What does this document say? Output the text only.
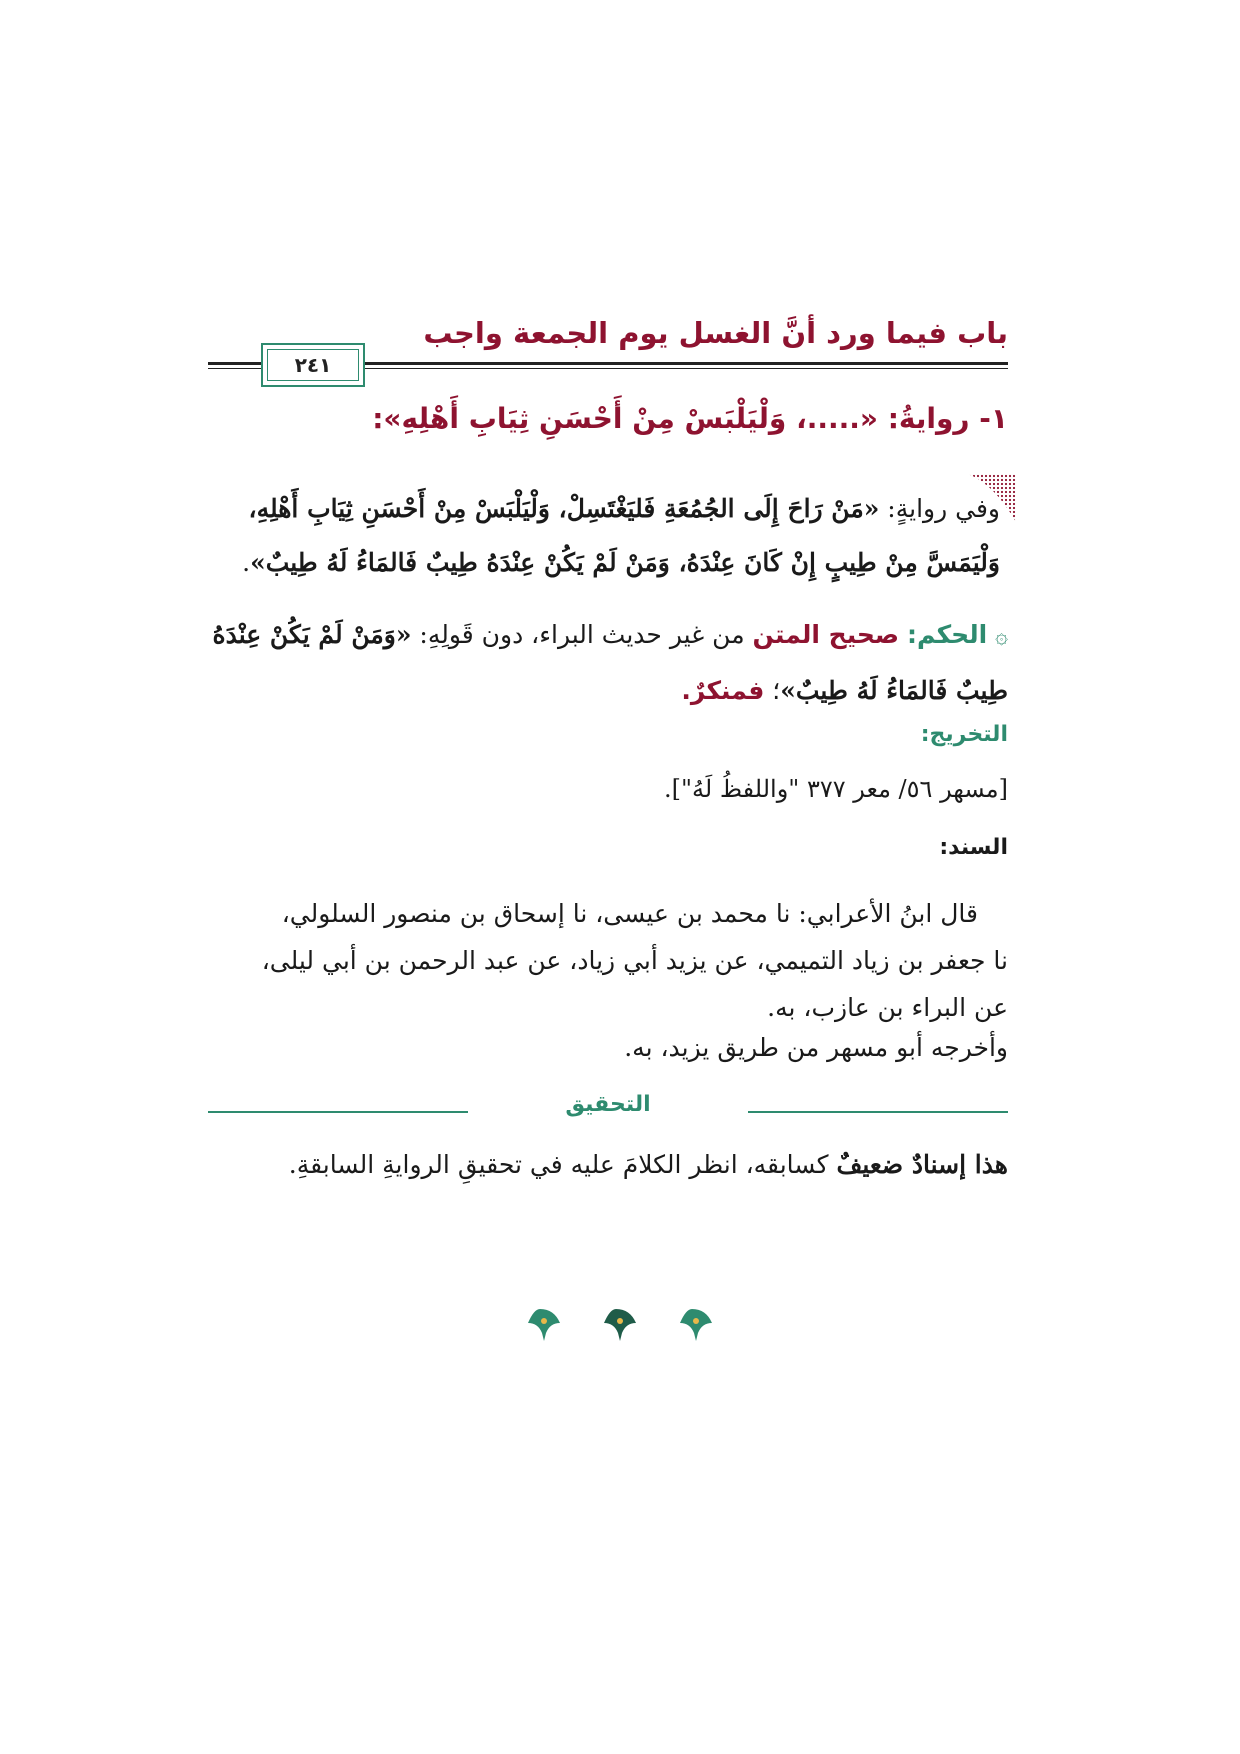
باب فيما ورد أنَّ الغسل يوم الجمعة واجب
٢٤١
١- روايةُ: «.....، وَلْيَلْبَسْ مِنْ أَحْسَنِ ثِيَابِ أَهْلِهِ»:
وفي روايةٍ: «مَنْ رَاحَ إِلَى الجُمُعَةِ فَليَغْتَسِلْ، وَلْيَلْبَسْ مِنْ أَحْسَنِ ثِيَابِ أَهْلِهِ، وَلْيَمَسَّ مِنْ طِيبٍ إِنْ كَانَ عِنْدَهُ، وَمَنْ لَمْ يَكُنْ عِنْدَهُ طِيبٌ فَالمَاءُ لَهُ طِيبٌ».
۞ الحكم: صحيح المتن من غير حديث البراء، دون قَولِهِ: «وَمَنْ لَمْ يَكُنْ عِنْدَهُ طِيبٌ فَالمَاءُ لَهُ طِيبٌ»؛ فمنكرٌ.
التخريج:
[مسهر ٥٦/ معر ٣٧٧ "واللفظُ لَهُ"].
السند:

قال ابنُ الأعرابي: نا محمد بن عيسى، نا إسحاق بن منصور السلولي،

نا جعفر بن زياد التميمي، عن يزيد أبي زياد، عن عبد الرحمن بن أبي ليلى،

عن البراء بن عازب، به.

وأخرجه أبو مسهر من طريق يزيد، به.
التحقيق
هذا إسنادٌ ضعيفٌ كسابقه، انظر الكلامَ عليه في تحقيقِ الروايةِ السابقةِ.
